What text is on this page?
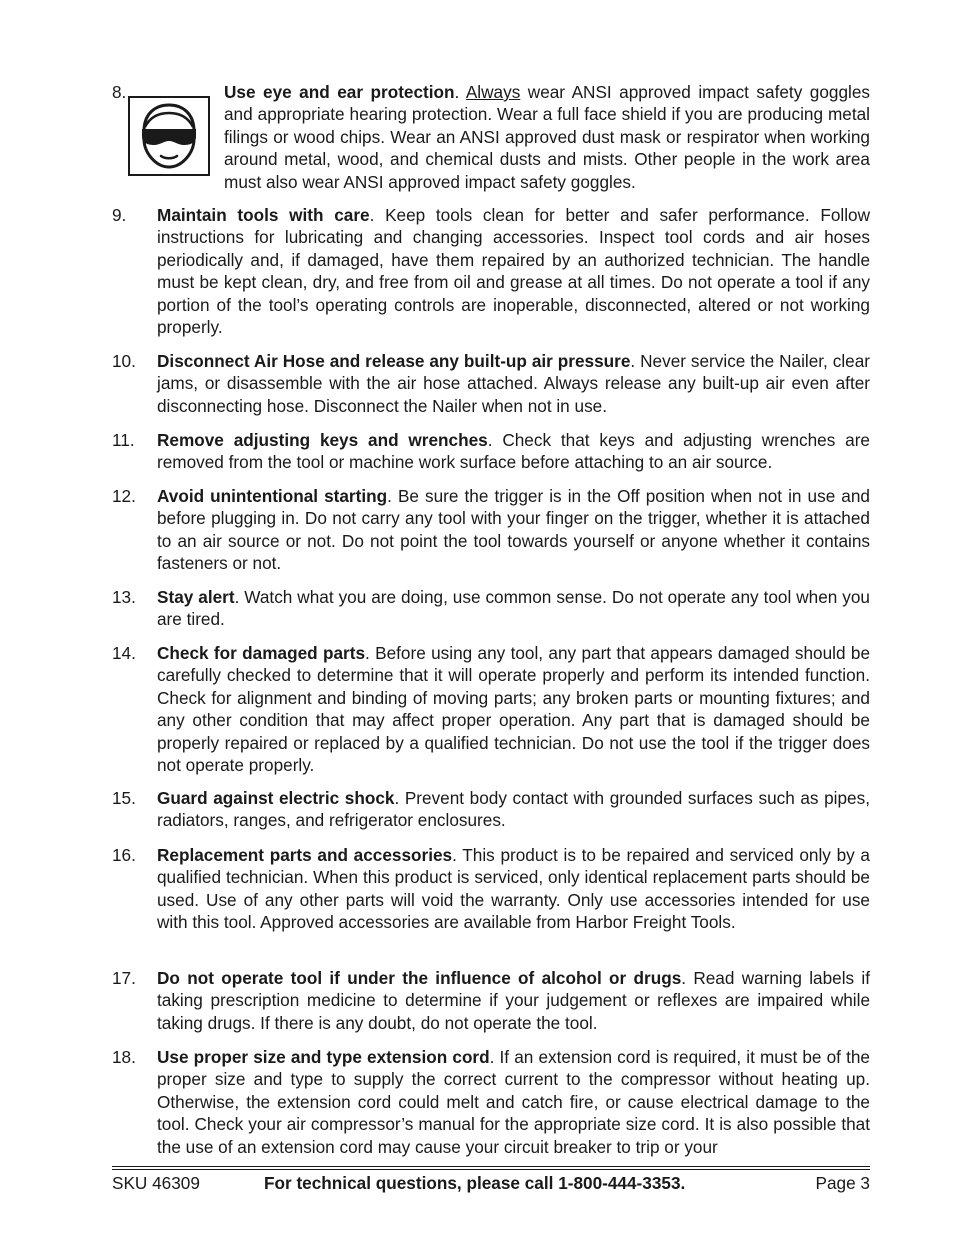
8.	Use eye and ear protection. Always wear ANSI approved impact safety goggles and appropriate hearing protection. Wear a full face shield if you are producing metal filings or wood chips. Wear an ANSI approved dust mask or respirator when working around metal, wood, and chemical dusts and mists. Other people in the work area must also wear ANSI approved impact safety goggles.
9. Maintain tools with care. Keep tools clean for better and safer performance. Follow instructions for lubricating and changing accessories. Inspect tool cords and air hoses periodically and, if damaged, have them repaired by an authorized technician. The handle must be kept clean, dry, and free from oil and grease at all times. Do not operate a tool if any portion of the tool’s operating controls are inoperable, disconnected, altered or not working properly.
10. Disconnect Air Hose and release any built-up air pressure. Never service the Nailer, clear jams, or disassemble with the air hose attached. Always release any built-up air even after disconnecting hose. Disconnect the Nailer when not in use.
11. Remove adjusting keys and wrenches. Check that keys and adjusting wrenches are removed from the tool or machine work surface before attaching to an air source.
12. Avoid unintentional starting. Be sure the trigger is in the Off position when not in use and before plugging in. Do not carry any tool with your finger on the trigger, whether it is attached to an air source or not. Do not point the tool towards yourself or anyone whether it contains fasteners or not.
13. Stay alert. Watch what you are doing, use common sense. Do not operate any tool when you are tired.
14. Check for damaged parts. Before using any tool, any part that appears damaged should be carefully checked to determine that it will operate properly and perform its intended function. Check for alignment and binding of moving parts; any broken parts or mounting fixtures; and any other condition that may affect proper operation. Any part that is damaged should be properly repaired or replaced by a qualified technician. Do not use the tool if the trigger does not operate properly.
15. Guard against electric shock. Prevent body contact with grounded surfaces such as pipes, radiators, ranges, and refrigerator enclosures.
16. Replacement parts and accessories. This product is to be repaired and serviced only by a qualified technician. When this product is serviced, only identical replacement parts should be used. Use of any other parts will void the warranty. Only use accessories intended for use with this tool. Approved accessories are available from Harbor Freight Tools.
17. Do not operate tool if under the influence of alcohol or drugs. Read warning labels if taking prescription medicine to determine if your judgement or reflexes are impaired while taking drugs. If there is any doubt, do not operate the tool.
18. Use proper size and type extension cord. If an extension cord is required, it must be of the proper size and type to supply the correct current to the compressor without heating up. Otherwise, the extension cord could melt and catch fire, or cause electrical damage to the tool. Check your air compressor’s manual for the appropriate size cord. It is also possible that the use of an extension cord may cause your circuit breaker to trip or your
SKU 46309	For technical questions, please call 1-800-444-3353.	Page 3
